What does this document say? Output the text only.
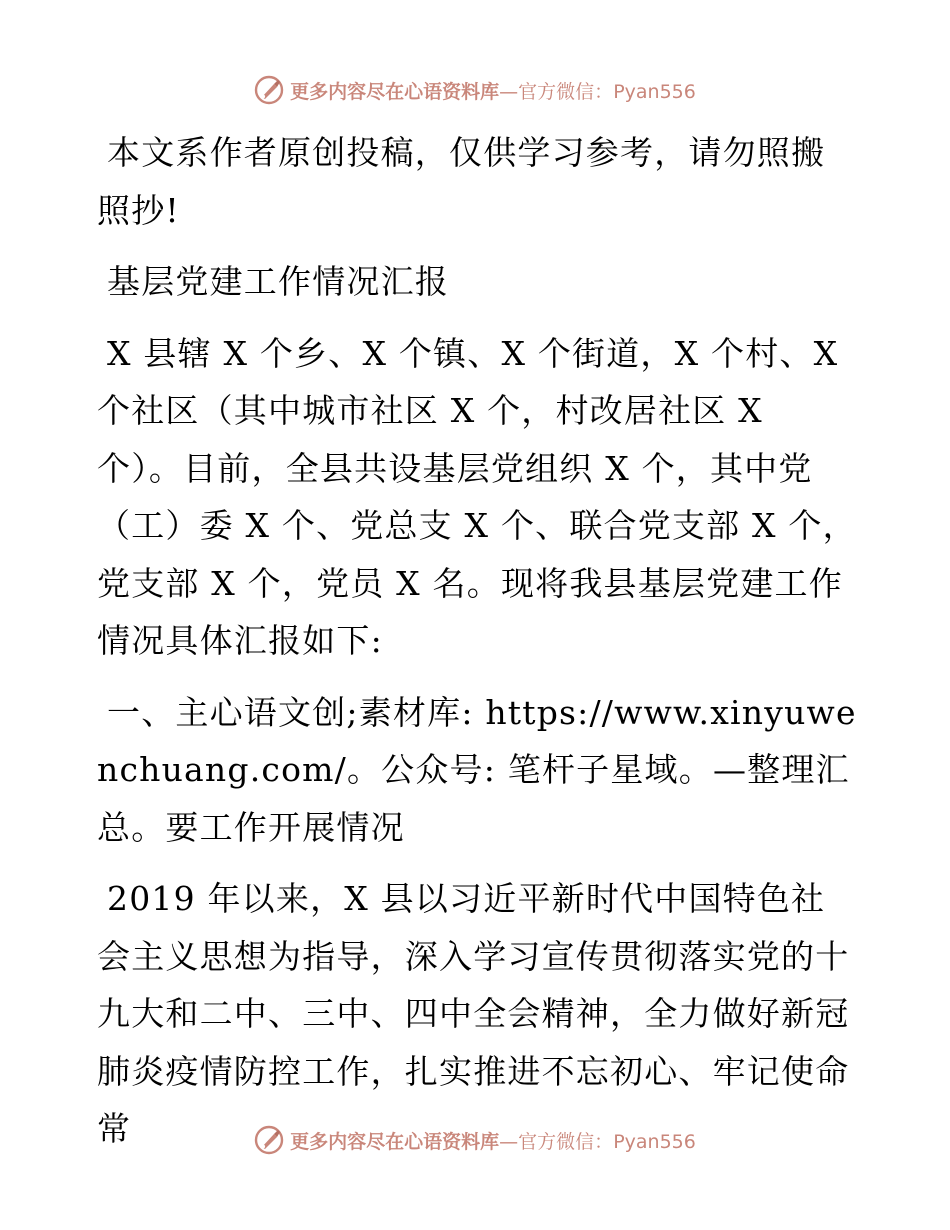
更多内容尽在心语资料库—官方微信：Pyan556

本文系作者原创投稿，仅供学习参考，请勿照搬照抄!

基层党建工作情况汇报

X 县辖 X 个乡、X 个镇、X 个街道，X 个村、X 个社区（其中城市社区 X 个，村改居社区 X 个）。目前，全县共设基层党组织 X 个，其中党（工）委 X 个、党总支 X 个、联合党支部 X 个，党支部 X 个，党员 X 名。现将我县基层党建工作情况具体汇报如下:

一、主心语文创;素材库: https://www.xinyuwenchuang.com/。公众号: 笔杆子星域。—整理汇总。要工作开展情况

2019 年以来，X 县以习近平新时代中国特色社会主义思想为指导，深入学习宣传贯彻落实党的十九大和二中、三中、四中全会精神，全力做好新冠肺炎疫情防控工作，扎实推进不忘初心、牢记使命常	更多内容尽在心语资料库—官方微信：Pyan556
